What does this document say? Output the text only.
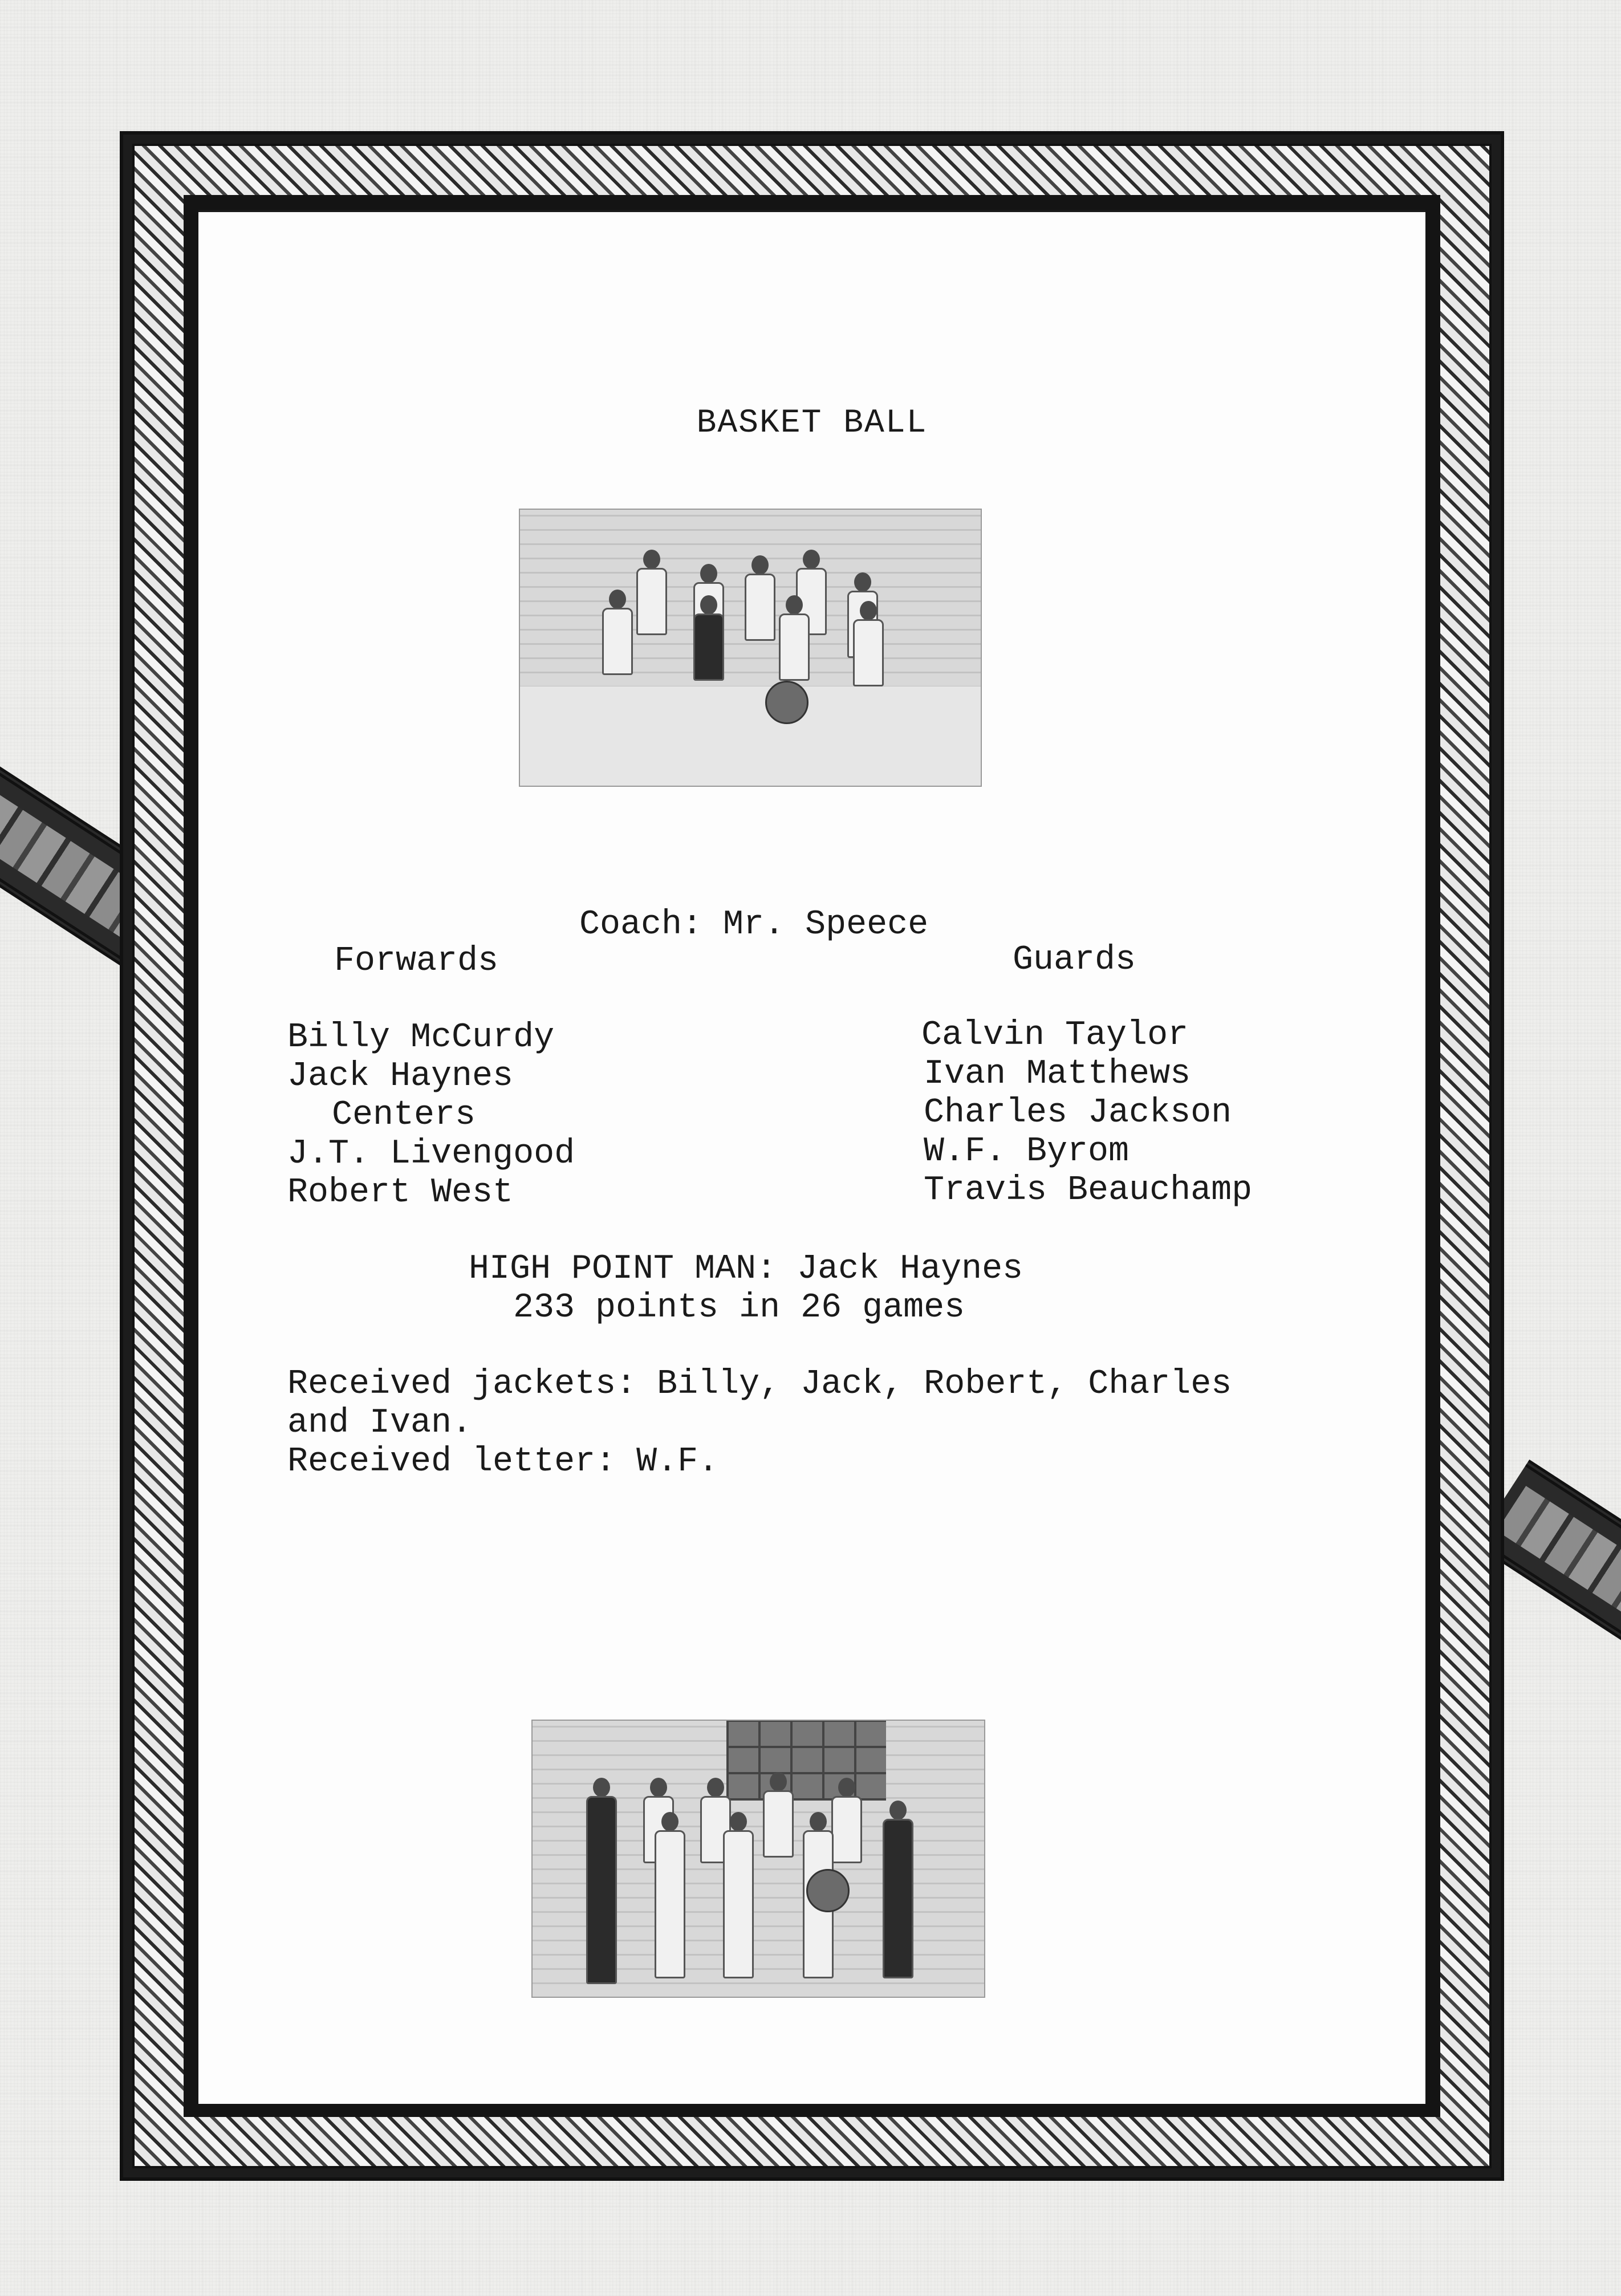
BASKET BALL
Coach: Mr. Speece
Forwards	Guards
Billy McCurdy
Jack Haynes
Centers
J.T. Livengood
Robert West
Calvin Taylor
Ivan Matthews
Charles Jackson
W.F. Byrom
Travis Beauchamp
HIGH POINT MAN: Jack Haynes
233 points in 26 games
Received jackets: Billy, Jack, Robert, Charles
and Ivan.
Received letter: W.F.
